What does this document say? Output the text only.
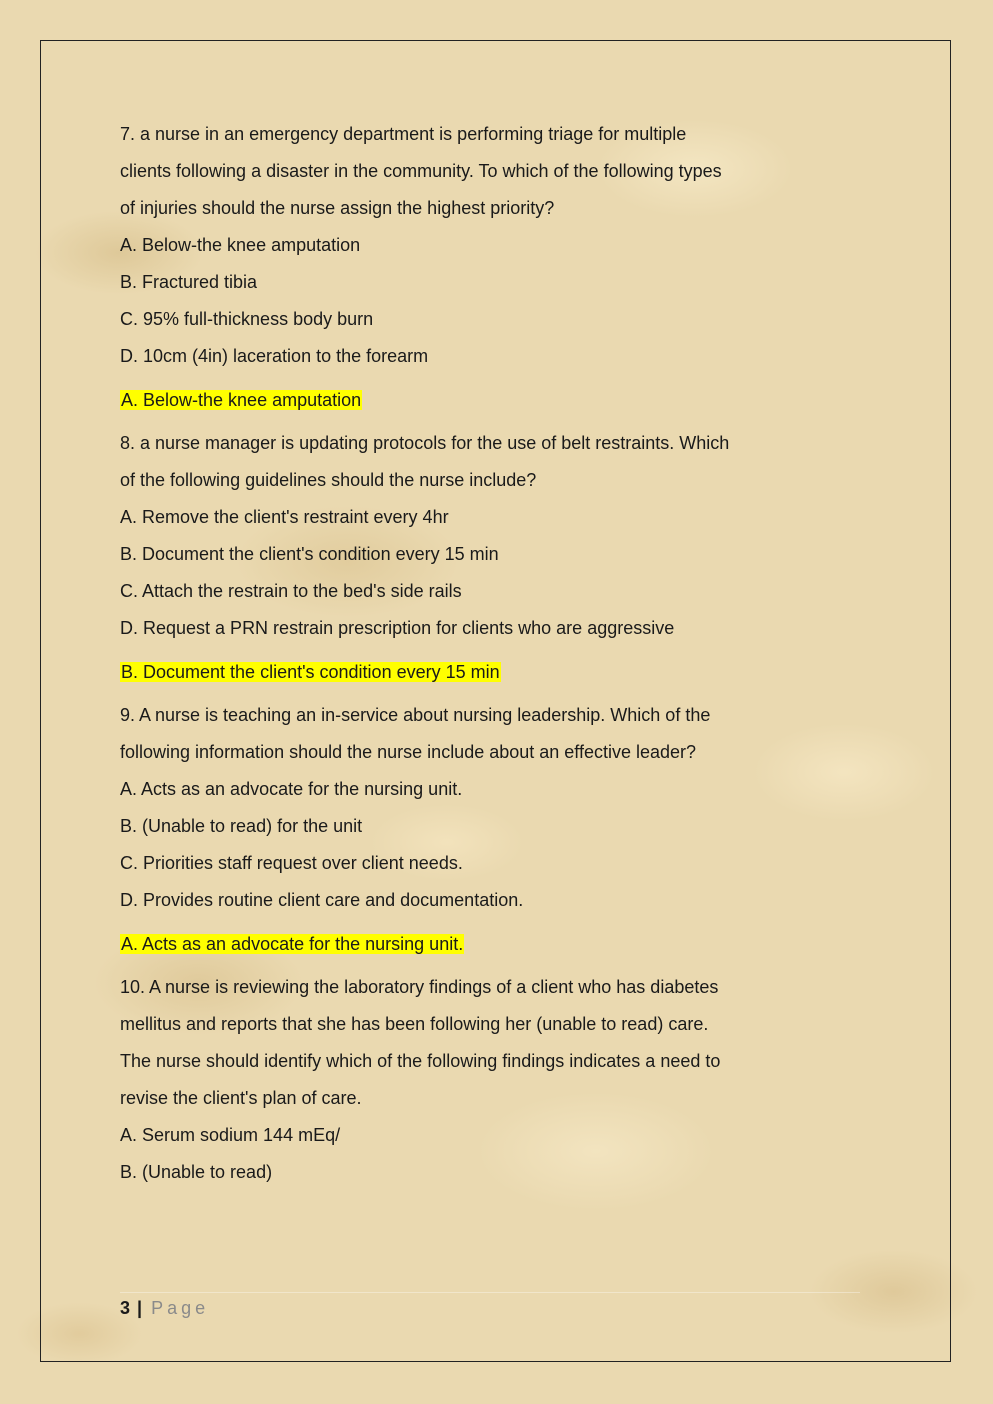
7. a nurse in an emergency department is performing triage for multiple

clients following a disaster in the community. To which of the following types

of injuries should the nurse assign the highest priority?

A. Below-the knee amputation

B. Fractured tibia

C. 95% full-thickness body burn

D. 10cm (4in) laceration to the forearm

A. Below-the knee amputation

8. a nurse manager is updating protocols for the use of belt restraints. Which

of the following guidelines should the nurse include?

A. Remove the client's restraint every 4hr

B. Document the client's condition every 15 min

C. Attach the restrain to the bed's side rails

D. Request a PRN restrain prescription for clients who are aggressive

B. Document the client's condition every 15 min

9. A nurse is teaching an in-service about nursing leadership. Which of the

following information should the nurse include about an effective leader?

A. Acts as an advocate for the nursing unit.

B. (Unable to read) for the unit

C. Priorities staff request over client needs.

D. Provides routine client care and documentation.

A. Acts as an advocate for the nursing unit.

10. A nurse is reviewing the laboratory findings of a client who has diabetes

mellitus and reports that she has been following her (unable to read) care.

The nurse should identify which of the following findings indicates a need to

revise the client's plan of care.

A. Serum sodium 144 mEq/

B. (Unable to read)

3 | Page
